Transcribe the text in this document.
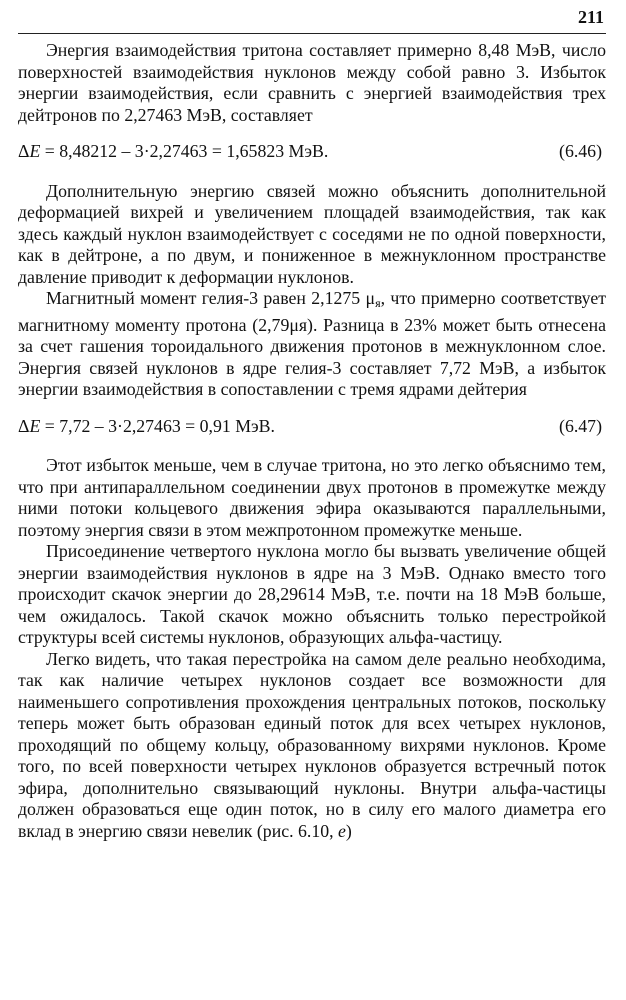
211

Энергия взаимодействия тритона составляет примерно 8,48 МэВ, число поверхностей взаимодействия нуклонов между собой равно 3. Избыток энергии взаимодействия, если сравнить с энергией взаимодействия трех дейтронов по 2,27463 МэВ, составляет

ΔE = 8,48212 – 3·2,27463 = 1,65823 МэВ.	(6.46)

Дополнительную энергию связей можно объяснить дополнительной деформацией вихрей и увеличением площадей взаимодействия, так как здесь каждый нуклон взаимодействует с соседями не по одной поверхности, как в дейтроне, а по двум, и пониженное в межнуклонном пространстве давление приводит к деформации нуклонов.

Магнитный момент гелия-3 равен 2,1275 $\mu_я$, что примерно соответствует магнитному моменту протона (2,79μя). Разница в 23% может быть отнесена за счет гашения тороидального движения протонов в межнуклонном слое. Энергия связей нуклонов в ядре гелия-3 составляет 7,72 МэВ, а избыток энергии взаимодействия в сопоставлении с тремя ядрами дейтерия

ΔE = 7,72 – 3·2,27463 = 0,91 МэВ.	(6.47)

Этот избыток меньше, чем в случае тритона, но это легко объяснимо тем, что при антипараллельном соединении двух протонов в промежутке между ними потоки кольцевого движения эфира оказываются параллельными, поэтому энергия связи в этом межпротонном промежутке меньше.

Присоединение четвертого нуклона могло бы вызвать увеличение общей энергии взаимодействия нуклонов в ядре на 3 МэВ. Однако вместо того происходит скачок энергии до 28,29614 МэВ, т.е. почти на 18 МэВ больше, чем ожидалось. Такой скачок можно объяснить только перестройкой структуры всей системы нуклонов, образующих альфа-частицу.

Легко видеть, что такая перестройка на самом деле реально необходима, так как наличие четырех нуклонов создает все возможности для наименьшего сопротивления прохождения центральных потоков, поскольку теперь может быть образован единый поток для всех четырех нуклонов, проходящий по общему кольцу, образованному вихрями нуклонов. Кроме того, по всей поверхности четырех нуклонов образуется встречный поток эфира, дополнительно связывающий нуклоны. Внутри альфа-частицы должен образоваться еще один поток, но в силу его малого диаметра его вклад в энергию связи невелик (рис. 6.10, е)
